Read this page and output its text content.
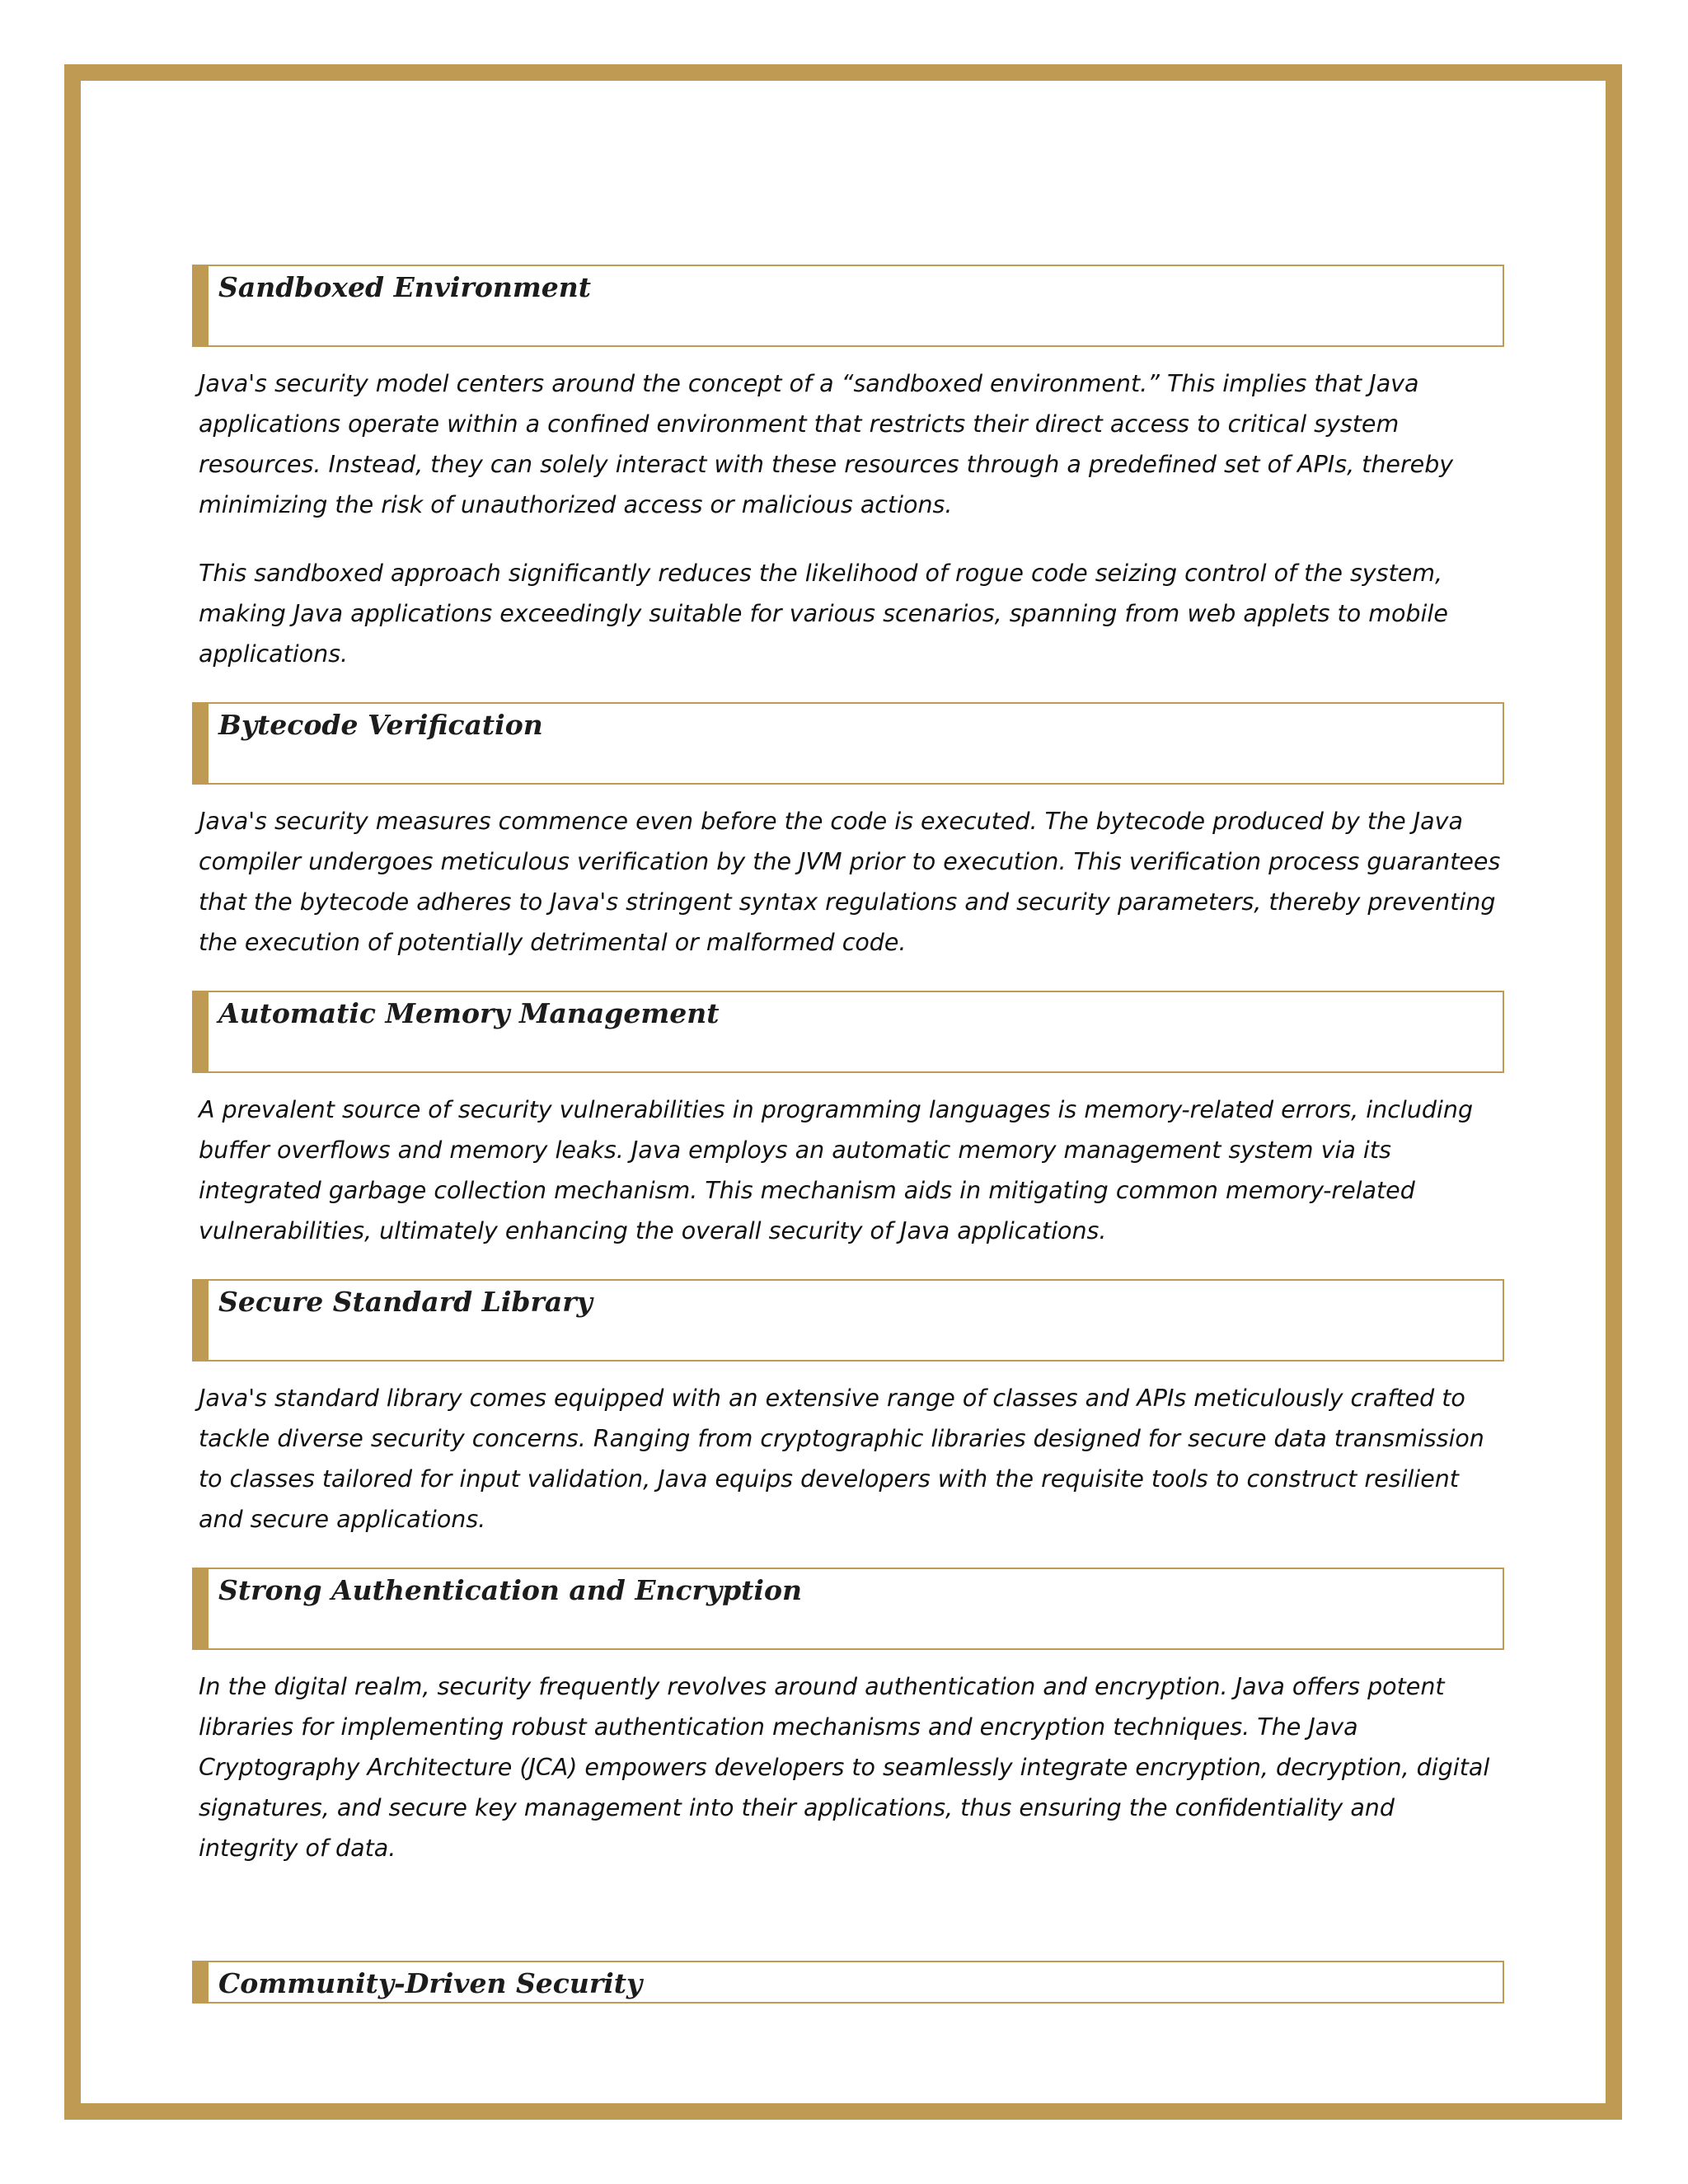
Sandboxed Environment

Java's security model centers around the concept of a “sandboxed environment.” This implies that Java applications operate within a confined environment that restricts their direct access to critical system resources. Instead, they can solely interact with these resources through a predefined set of APIs, thereby minimizing the risk of unauthorized access or malicious actions.

This sandboxed approach significantly reduces the likelihood of rogue code seizing control of the system, making Java applications exceedingly suitable for various scenarios, spanning from web applets to mobile applications.

Bytecode Verification

Java's security measures commence even before the code is executed. The bytecode produced by the Java compiler undergoes meticulous verification by the JVM prior to execution. This verification process guarantees that the bytecode adheres to Java's stringent syntax regulations and security parameters, thereby preventing the execution of potentially detrimental or malformed code.

Automatic Memory Management

A prevalent source of security vulnerabilities in programming languages is memory-related errors, including buffer overflows and memory leaks. Java employs an automatic memory management system via its integrated garbage collection mechanism. This mechanism aids in mitigating common memory-related vulnerabilities, ultimately enhancing the overall security of Java applications.

Secure Standard Library

Java's standard library comes equipped with an extensive range of classes and APIs meticulously crafted to tackle diverse security concerns. Ranging from cryptographic libraries designed for secure data transmission to classes tailored for input validation, Java equips developers with the requisite tools to construct resilient and secure applications.

Strong Authentication and Encryption

In the digital realm, security frequently revolves around authentication and encryption. Java offers potent libraries for implementing robust authentication mechanisms and encryption techniques. The Java Cryptography Architecture (JCA) empowers developers to seamlessly integrate encryption, decryption, digital signatures, and secure key management into their applications, thus ensuring the confidentiality and integrity of data.

Community-Driven Security
